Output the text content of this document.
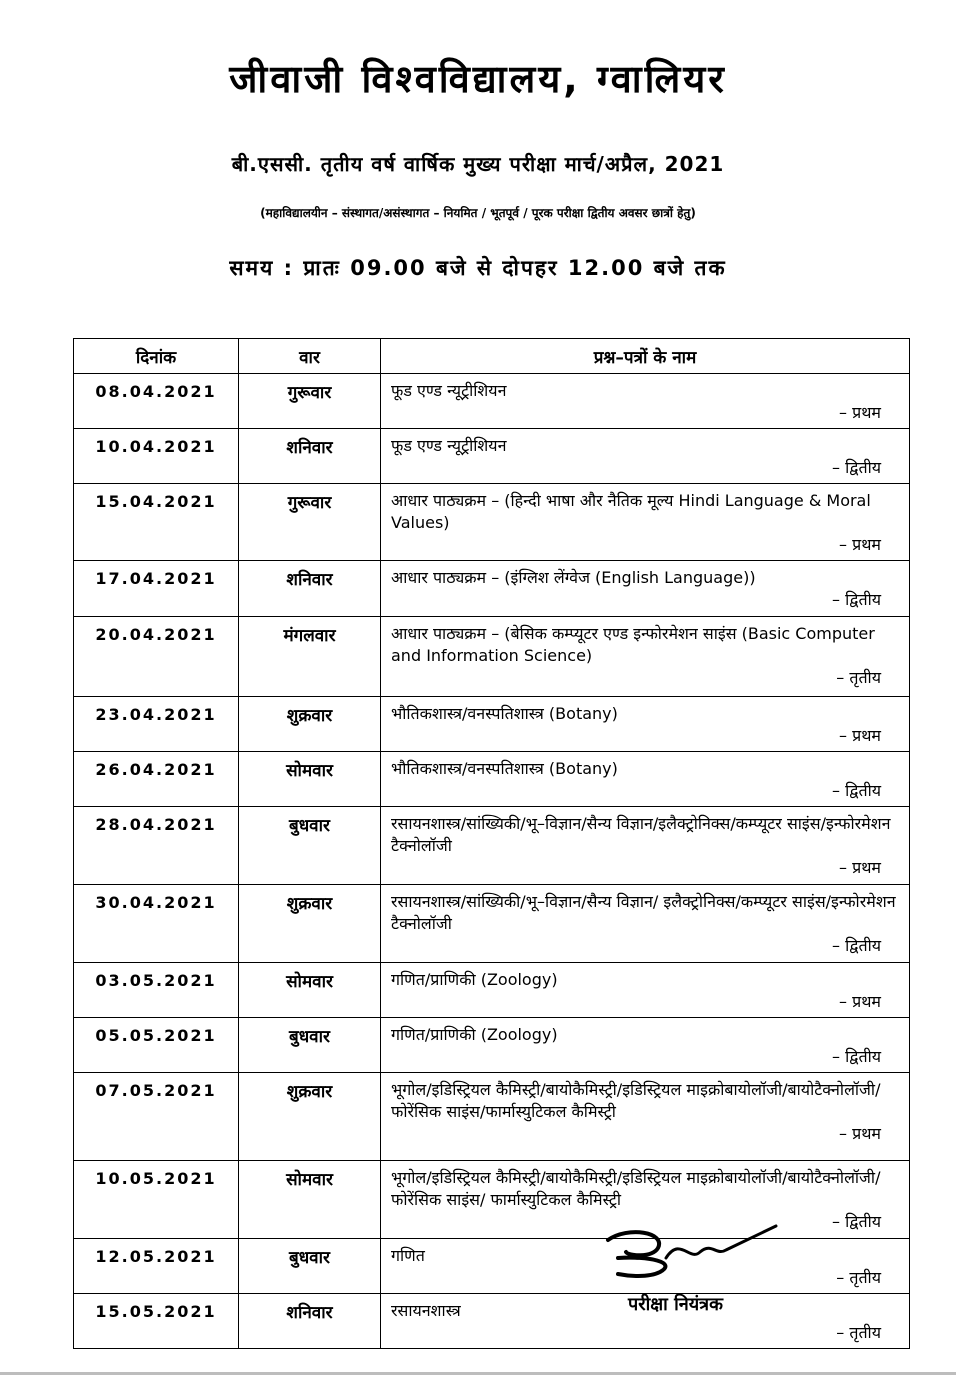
जीवाजी विश्वविद्यालय, ग्वालियर
बी.एससी. तृतीय वर्ष वार्षिक मुख्य परीक्षा मार्च/अप्रैल, 2021
(महाविद्यालयीन – संस्थागत/असंस्थागत – नियमित / भूतपूर्व / पूरक परीक्षा द्वितीय अवसर छात्रों हेतु)
समय : प्रातः 09.00 बजे से दोपहर 12.00 बजे तक
दिनांक	वार	प्रश्न–पत्रों के नाम
08.04.2021	गुरूवार	फूड एण्ड न्यूट्रीशियन
– प्रथम

10.04.2021	शनिवार	फूड एण्ड न्यूट्रीशियन
– द्वितीय

15.04.2021	गुरूवार	आधार पाठ्यक्रम – (हिन्दी भाषा और नैतिक मूल्य Hindi Language & Moral Values)
– प्रथम

17.04.2021	शनिवार	आधार पाठ्यक्रम – (इंग्लिश लेंग्वेज (English Language))
– द्वितीय

20.04.2021	मंगलवार	आधार पाठ्यक्रम – (बेसिक कम्प्यूटर एण्ड इन्फोरमेशन साइंस (Basic Computer and Information Science)
– तृतीय

23.04.2021	शुक्रवार	भौतिकशास्त्र/वनस्पतिशास्त्र (Botany)
– प्रथम

26.04.2021	सोमवार	भौतिकशास्त्र/वनस्पतिशास्त्र (Botany)
– द्वितीय

28.04.2021	बुधवार	रसायनशास्त्र/सांख्यिकी/भू–विज्ञान/सैन्य विज्ञान/इलैक्ट्रोनिक्स/कम्प्यूटर साइंस/इन्फोरमेशन टैक्नोलॉजी
– प्रथम

30.04.2021	शुक्रवार	रसायनशास्त्र/सांख्यिकी/भू–विज्ञान/सैन्य विज्ञान/ इलैक्ट्रोनिक्स/कम्प्यूटर साइंस/इन्फोरमेशन टैक्नोलॉजी
– द्वितीय

03.05.2021	सोमवार	गणित/प्राणिकी (Zoology)
– प्रथम

05.05.2021	बुधवार	गणित/प्राणिकी (Zoology)
– द्वितीय

07.05.2021	शुक्रवार	भूगोल/इडिस्ट्रियल कैमिस्ट्री/बायोकैमिस्ट्री/इडिस्ट्रियल माइक्रोबायोलॉजी/बायोटैक्नोलॉजी/फोरेंसिक साइंस/फार्मास्युटिकल कैमिस्ट्री
– प्रथम

10.05.2021	सोमवार	भूगोल/इडिस्ट्रियल कैमिस्ट्री/बायोकैमिस्ट्री/इडिस्ट्रियल माइक्रोबायोलॉजी/बायोटैक्नोलॉजी/फोरेंसिक साइंस/ फार्मास्युटिकल कैमिस्ट्री
– द्वितीय

12.05.2021	बुधवार	गणित
– तृतीय

15.05.2021	शनिवार	रसायनशास्त्र
– तृतीय
परीक्षा नियंत्रक
